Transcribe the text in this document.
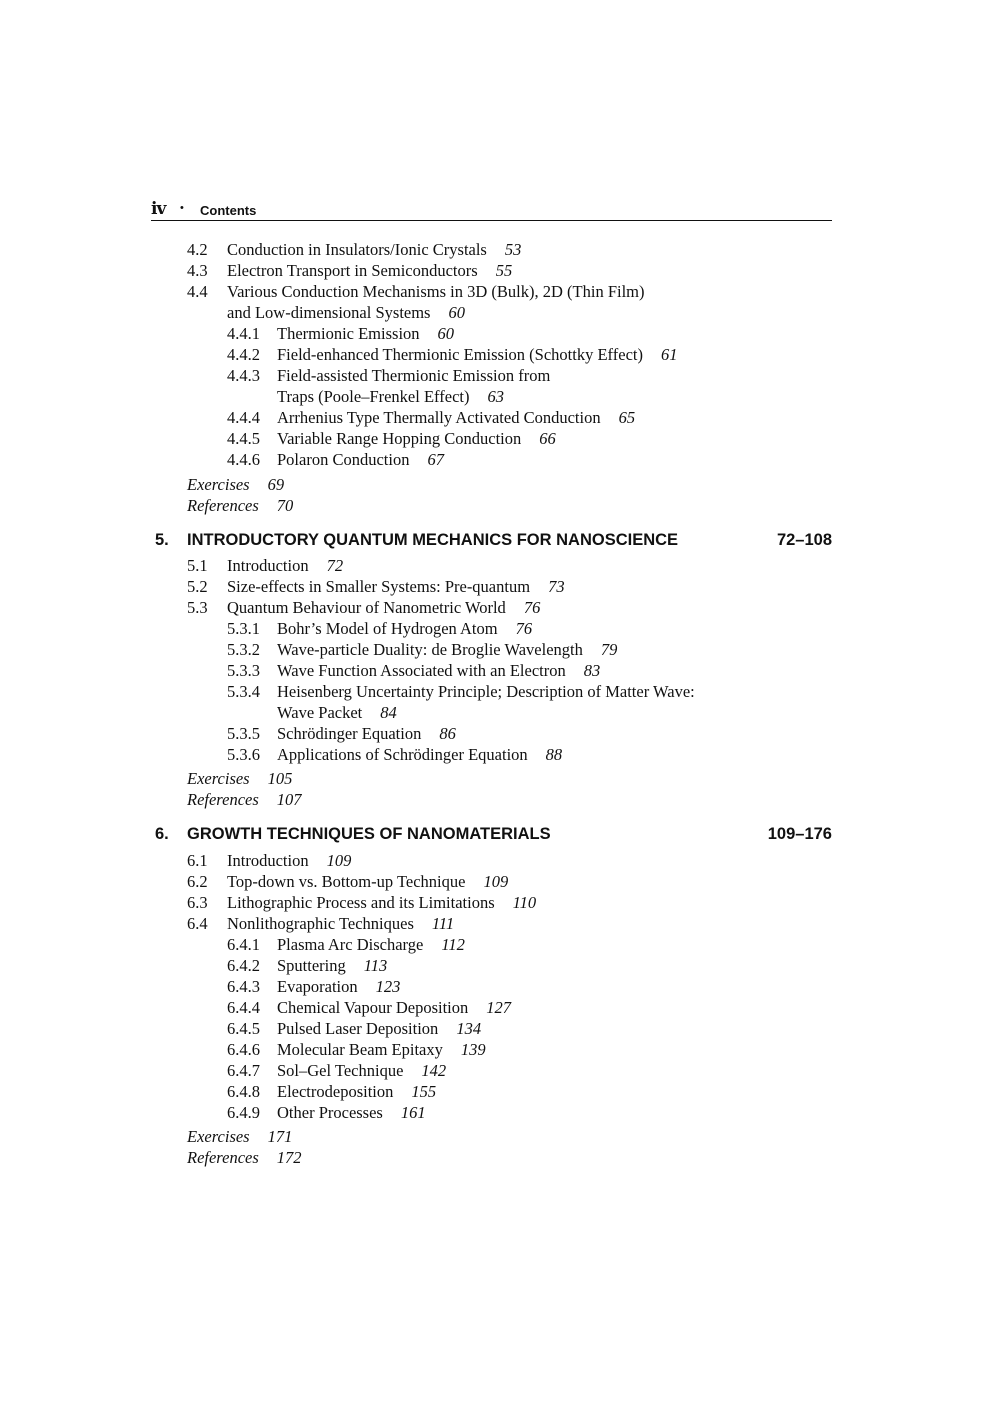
iv • Contents
4.2 Conduction in Insulators/Ionic Crystals 53
4.3 Electron Transport in Semiconductors 55
4.4 Various Conduction Mechanisms in 3D (Bulk), 2D (Thin Film)
and Low-dimensional Systems 60
4.4.1 Thermionic Emission 60
4.4.2 Field-enhanced Thermionic Emission (Schottky Effect) 61
4.4.3 Field-assisted Thermionic Emission from
Traps (Poole–Frenkel Effect) 63
4.4.4 Arrhenius Type Thermally Activated Conduction 65
4.4.5 Variable Range Hopping Conduction 66
4.4.6 Polaron Conduction 67
Exercises 69
References 70
5. INTRODUCTORY QUANTUM MECHANICS FOR NANOSCIENCE	72–108
5.1 Introduction 72
5.2 Size-effects in Smaller Systems: Pre-quantum 73
5.3 Quantum Behaviour of Nanometric World 76
5.3.1 Bohr’s Model of Hydrogen Atom 76
5.3.2 Wave-particle Duality: de Broglie Wavelength 79
5.3.3 Wave Function Associated with an Electron 83
5.3.4 Heisenberg Uncertainty Principle; Description of Matter Wave:
Wave Packet 84
5.3.5 Schrödinger Equation 86
5.3.6 Applications of Schrödinger Equation 88
Exercises 105
References 107
6. GROWTH TECHNIQUES OF NANOMATERIALS	109–176
6.1 Introduction 109
6.2 Top-down vs. Bottom-up Technique 109
6.3 Lithographic Process and its Limitations 110
6.4 Nonlithographic Techniques 111
6.4.1 Plasma Arc Discharge 112
6.4.2 Sputtering 113
6.4.3 Evaporation 123
6.4.4 Chemical Vapour Deposition 127
6.4.5 Pulsed Laser Deposition 134
6.4.6 Molecular Beam Epitaxy 139
6.4.7 Sol–Gel Technique 142
6.4.8 Electrodeposition 155
6.4.9 Other Processes 161
Exercises 171
References 172
